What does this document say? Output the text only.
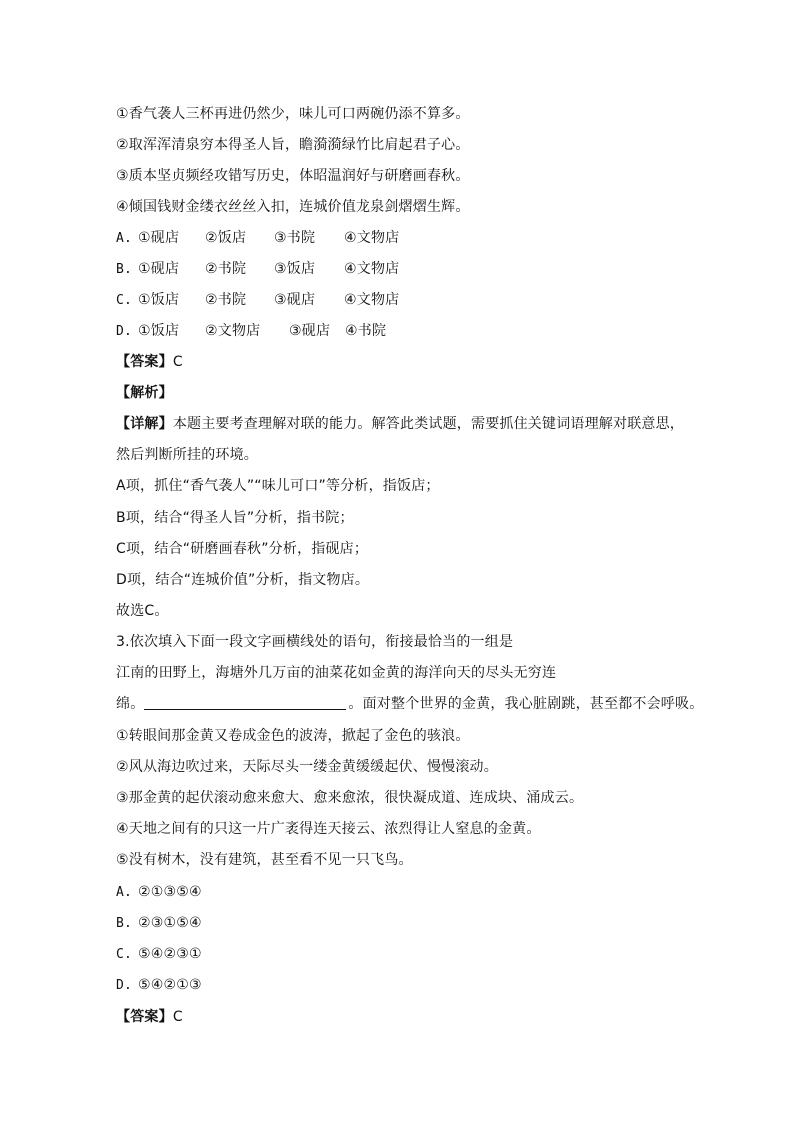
①香气袭人三杯再进仍然少，味儿可口两碗仍添不算多。
②取浑浑清泉穷本得圣人旨，瞻漪漪绿竹比肩起君子心。
③质本坚贞频经攻错写历史，体昭温润好与研磨画春秋。
④倾国钱财金缕衣丝丝入扣，连城价值龙泉剑熠熠生辉。
A. ①砚店 ②饭店 ③书院 ④文物店
B. ①砚店 ②书院 ③饭店 ④文物店
C. ①饭店 ②书院 ③砚店 ④文物店
D. ①饭店 ②文物店 ③砚店 ④书院
【答案】C
【解析】
【详解】本题主要考查理解对联的能力。解答此类试题，需要抓住关键词语理解对联意思，
然后判断所挂的环境。
A项，抓住“香气袭人”“味儿可口”等分析，指饭店；
B项，结合“得圣人旨”分析，指书院；
C项，结合“研磨画春秋”分析，指砚店；
D项，结合“连城价值”分析，指文物店。
故选C。
3.依次填入下面一段文字画横线处的语句，衔接最恰当的一组是
江南的田野上，海塘外几万亩的油菜花如金黄的海洋向天的尽头无穷连
绵。	。面对整个世界的金黄，我心脏剧跳，甚至都不会呼吸。
①转眼间那金黄又卷成金色的波涛，掀起了金色的骇浪。
②风从海边吹过来，天际尽头一缕金黄缓缓起伏、慢慢滚动。
③那金黄的起伏滚动愈来愈大、愈来愈浓，很快凝成道、连成块、涌成云。
④天地之间有的只这一片广袤得连天接云、浓烈得让人窒息的金黄。
⑤没有树木，没有建筑，甚至看不见一只飞鸟。
A. ②①③⑤④
B. ②③①⑤④
C. ⑤④②③①
D. ⑤④②①③
【答案】C
